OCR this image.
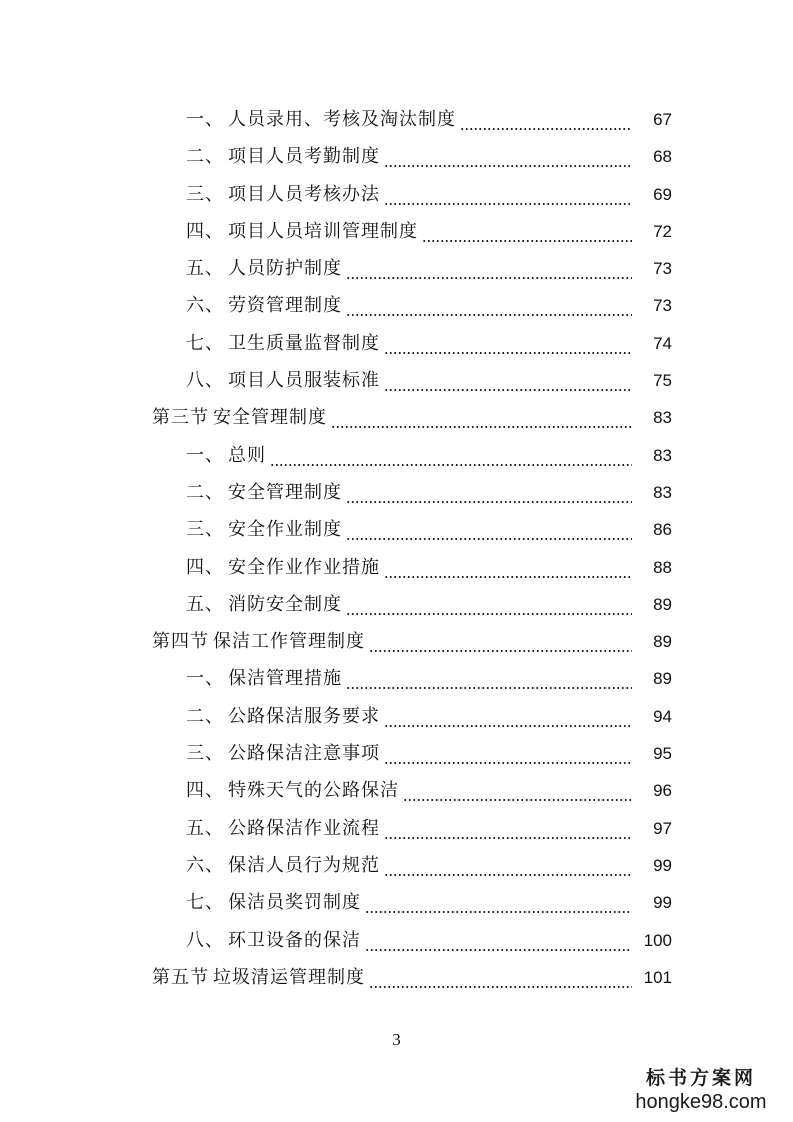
一、 人员录用、考核及淘汰制度	67
二、 项目人员考勤制度	68
三、 项目人员考核办法	69
四、 项目人员培训管理制度	72
五、 人员防护制度	73
六、 劳资管理制度	73
七、 卫生质量监督制度	74
八、 项目人员服装标准	75
第三节 安全管理制度	83
一、 总则	83
二、 安全管理制度	83
三、 安全作业制度	86
四、 安全作业作业措施	88
五、 消防安全制度	89
第四节 保洁工作管理制度	89
一、 保洁管理措施	89
二、 公路保洁服务要求	94
三、 公路保洁注意事项	95
四、 特殊天气的公路保洁	96
五、 公路保洁作业流程	97
六、 保洁人员行为规范	99
七、 保洁员奖罚制度	99
八、 环卫设备的保洁	100
第五节 垃圾清运管理制度	101
3
标书方案网
hongke98.com
